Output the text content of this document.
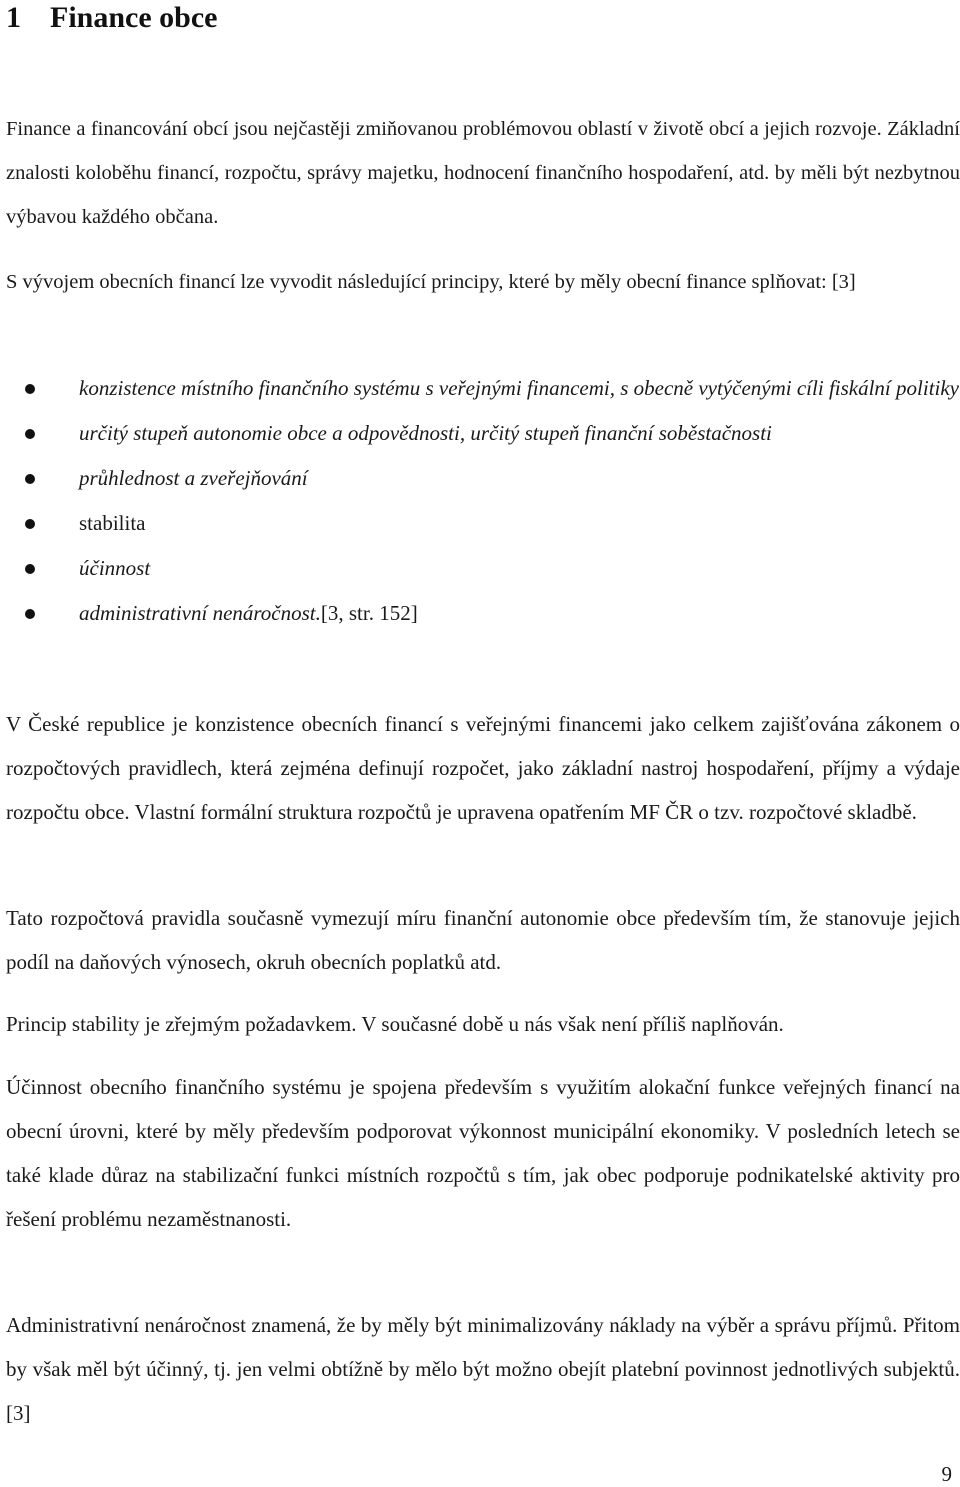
1 Finance obce

Finance a financování obcí jsou nejčastěji zmiňovanou problémovou oblastí v životě obcí a jejich rozvoje. Základní znalosti koloběhu financí, rozpočtu, správy majetku, hodnocení finančního hospodaření, atd. by měli být nezbytnou výbavou každého občana.

S vývojem obecních financí lze vyvodit následující principy, které by měly obecní finance splňovat: [3]

konzistence místního finančního systému s veřejnými financemi, s obecně vytýčenými cíli fiskální politiky
určitý stupeň autonomie obce a odpovědnosti, určitý stupeň finanční soběstačnosti
průhlednost a zveřejňování
stabilita
účinnost
administrativní nenáročnost.[3, str. 152]

V České republice je konzistence obecních financí s veřejnými financemi jako celkem zajišťována zákonem o rozpočtových pravidlech, která zejména definují rozpočet, jako základní nastroj hospodaření, příjmy a výdaje rozpočtu obce. Vlastní formální struktura rozpočtů je upravena opatřením MF ČR o tzv. rozpočtové skladbě.

Tato rozpočtová pravidla současně vymezují míru finanční autonomie obce především tím, že stanovuje jejich podíl na daňových výnosech, okruh obecních poplatků atd.

Princip stability je zřejmým požadavkem. V současné době u nás však není příliš naplňován.

Účinnost obecního finančního systému je spojena především s využitím alokační funkce veřejných financí na obecní úrovni, které by měly především podporovat výkonnost municipální ekonomiky. V posledních letech se také klade důraz na stabilizační funkci místních rozpočtů s tím, jak obec podporuje podnikatelské aktivity pro řešení problému nezaměstnanosti.

Administrativní nenáročnost znamená, že by měly být minimalizovány náklady na výběr a správu příjmů. Přitom by však měl být účinný, tj. jen velmi obtížně by mělo být možno obejít platební povinnost jednotlivých subjektů. [3]

9
